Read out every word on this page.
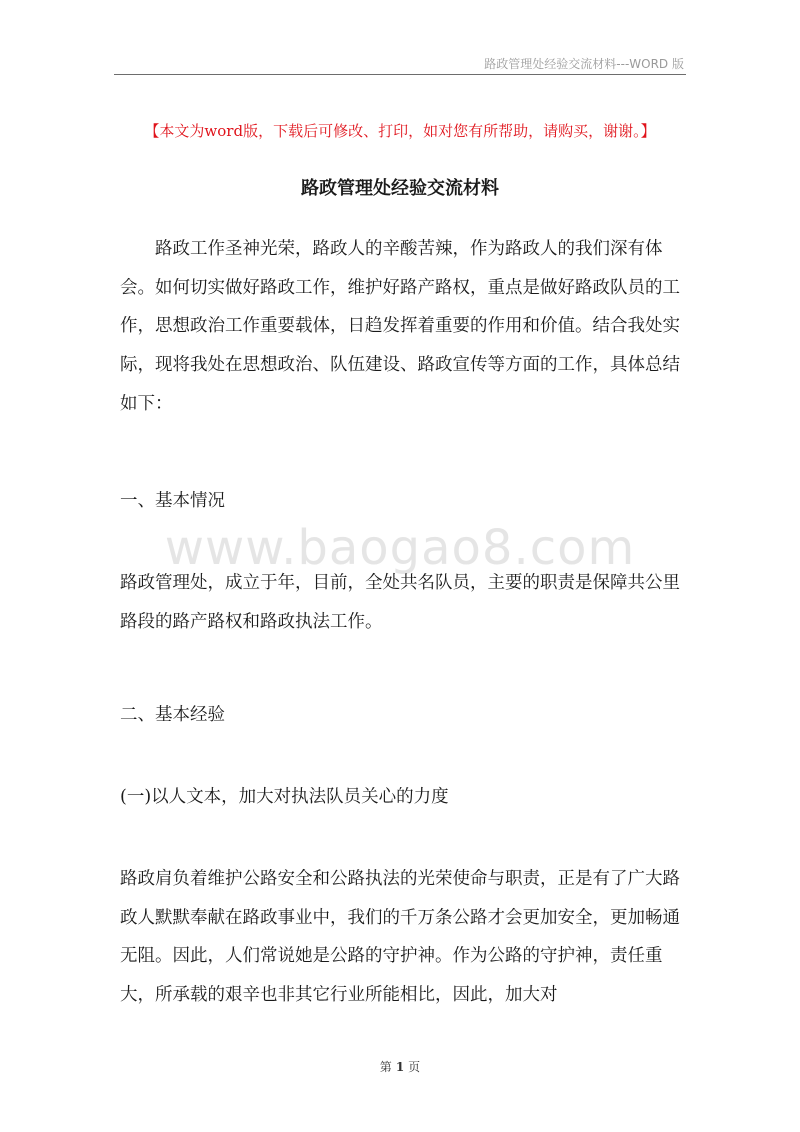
路政管理处经验交流材料---WORD 版
【本文为word版，下载后可修改、打印，如对您有所帮助，请购买，谢谢。】
路政管理处经验交流材料
路政工作圣神光荣，路政人的辛酸苦辣，作为路政人的我们深有体会。如何切实做好路政工作，维护好路产路权，重点是做好路政队员的工作，思想政治工作重要载体，日趋发挥着重要的作用和价值。结合我处实际，现将我处在思想政治、队伍建设、路政宣传等方面的工作，具体总结如下：
一、基本情况
www.baogao8.com
路政管理处，成立于年，目前，全处共名队员，主要的职责是保障共公里路段的路产路权和路政执法工作。
二、基本经验
(一)以人文本，加大对执法队员关心的力度
路政肩负着维护公路安全和公路执法的光荣使命与职责，正是有了广大路政人默默奉献在路政事业中，我们的千万条公路才会更加安全，更加畅通无阻。因此，人们常说她是公路的守护神。作为公路的守护神，责任重大，所承载的艰辛也非其它行业所能相比，因此，加大对
第 1 页
